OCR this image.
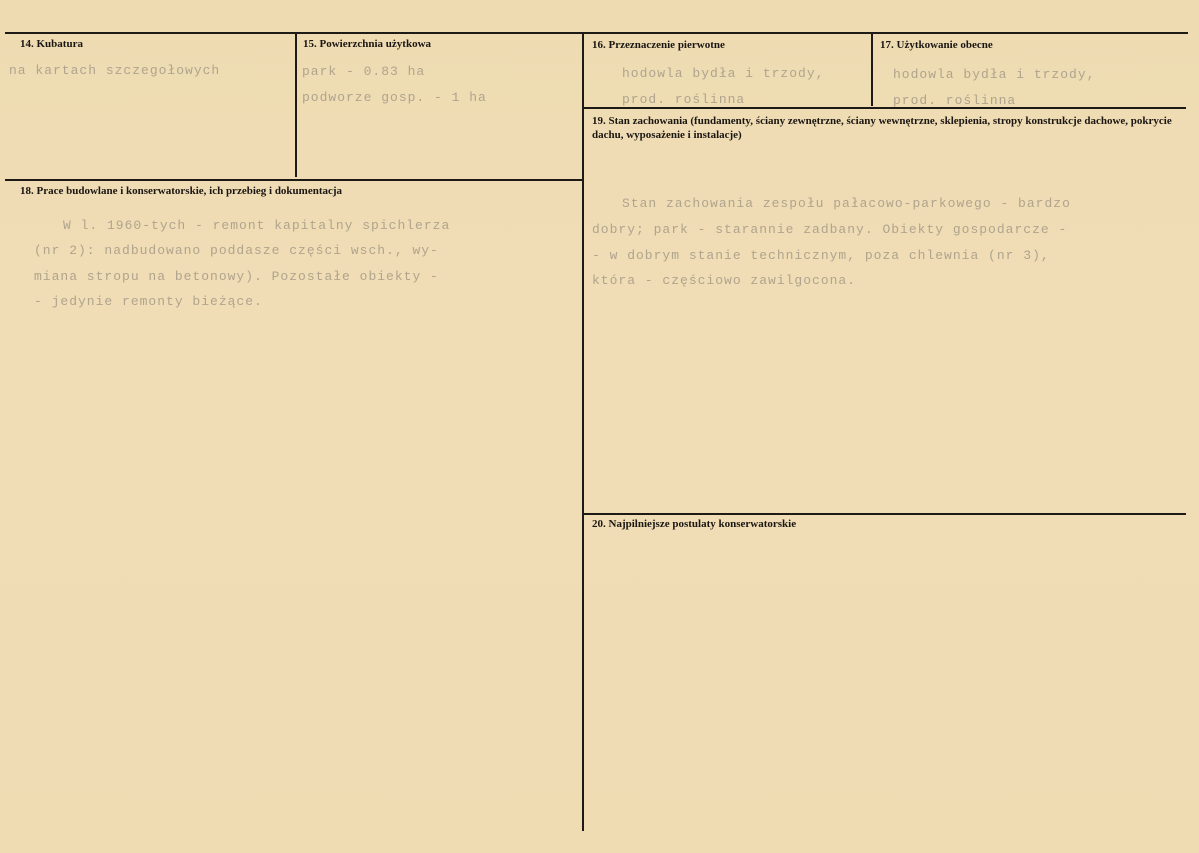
14. Kubatura
na kartach szczegołowych
15. Powierzchnia użytkowa
park - 0.83 ha
podworze gosp. - 1 ha
16. Przeznaczenie pierwotne
hodowla bydła i trzody,
prod. roślinna
17. Użytkowanie obecne
hodowla bydła i trzody,
prod. roślinna
18. Prace budowlane i konserwatorskie, ich przebieg i dokumentacja
W l. 1960-tych - remont kapitalny spichlerza
(nr 2): nadbudowano poddasze części wsch., wy-
miana stropu na betonowy). Pozostałe obiekty -
- jedynie remonty bieżące.
19. Stan zachowania (fundamenty, ściany zewnętrzne, ściany wewnętrzne, sklepienia, stropy konstrukcje dachowe, pokrycie dachu, wyposażenie i instalacje)
Stan zachowania zespołu pałacowo-parkowego - bardzo
dobry; park - starannie zadbany. Obiekty gospodarcze -
- w dobrym stanie technicznym, poza chlewnia (nr 3),
która - częściowo zawilgocona.
20. Najpilniejsze postulaty konserwatorskie
